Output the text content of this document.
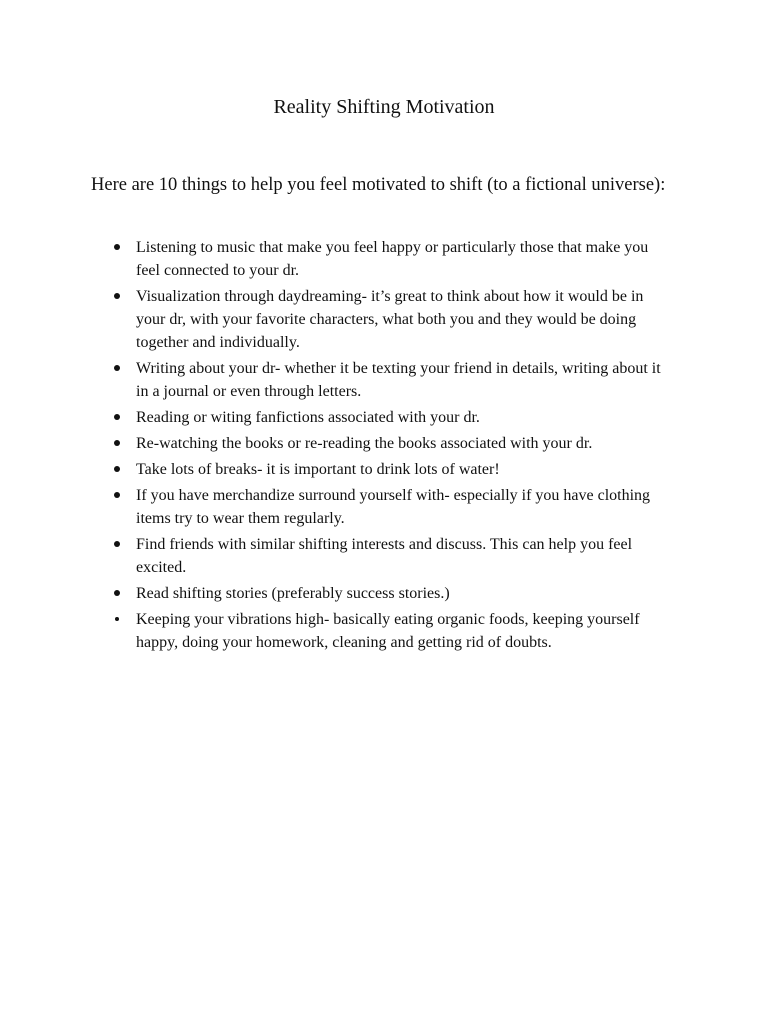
Reality Shifting Motivation
Here are 10 things to help you feel motivated to shift (to a fictional universe):
Listening to music that make you feel happy or particularly those that make you feel connected to your dr.
Visualization through daydreaming- it’s great to think about how it would be in your dr, with your favorite characters, what both you and they would be doing together and individually.
Writing about your dr- whether it be texting your friend in details, writing about it in a journal or even through letters.
Reading or witing fanfictions associated with your dr.
Re-watching the books or re-reading the books associated with your dr.
Take lots of breaks- it is important to drink lots of water!
If you have merchandize surround yourself with- especially if you have clothing items try to wear them regularly.
Find friends with similar shifting interests and discuss. This can help you feel excited.
Read shifting stories (preferably success stories.)
Keeping your vibrations high- basically eating organic foods, keeping yourself happy, doing your homework, cleaning and getting rid of doubts.
